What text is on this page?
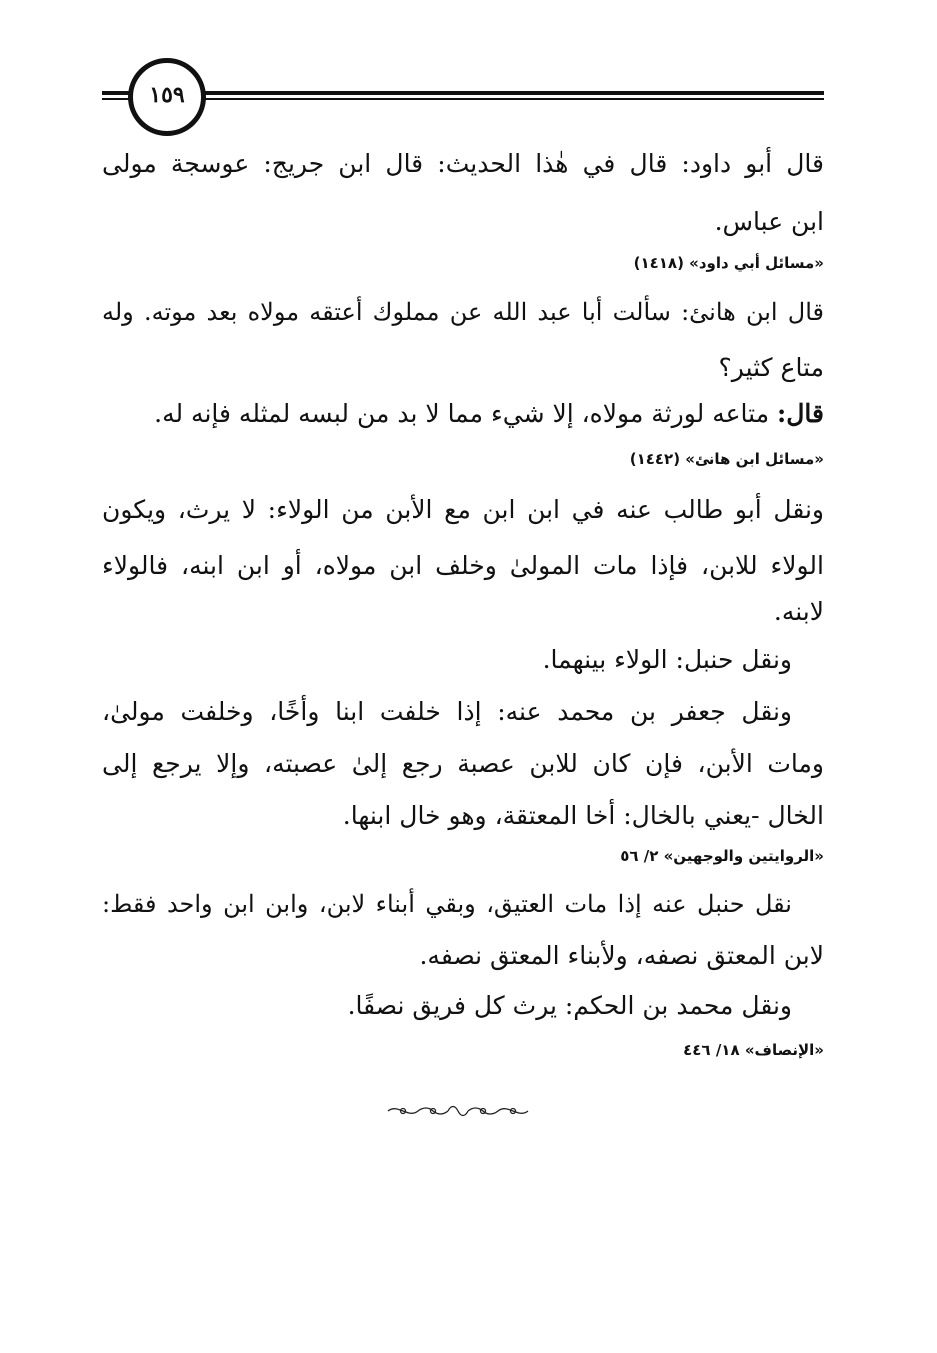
١٥٩
قال أبو داود: قال في هٰذا الحديث: قال ابن جريج: عوسجة مولى
ابن عباس.
«مسائل أبي داود» (١٤١٨)
قال ابن هانئ: سألت أبا عبد الله عن مملوك أعتقه مولاه بعد موته. وله
متاع كثير؟
قال: متاعه لورثة مولاه، إلا شيء مما لا بد من لبسه لمثله فإنه له.
«مسائل ابن هانئ» (١٤٤٢)
ونقل أبو طالب عنه في ابن ابن مع الأبن من الولاء: لا يرث، ويكون
الولاء للابن، فإذا مات المولىٰ وخلف ابن مولاه، أو ابن ابنه، فالولاء
لابنه.
ونقل حنبل: الولاء بينهما.
ونقل جعفر بن محمد عنه: إذا خلفت ابنا وأخًا، وخلفت مولىٰ،
ومات الأبن، فإن كان للابن عصبة رجع إلىٰ عصبته، وإلا يرجع إلى
الخال -يعني بالخال: أخا المعتقة، وهو خال ابنها.
«الروايتين والوجهين» ٢/ ٥٦
نقل حنبل عنه إذا مات العتيق، وبقي أبناء لابن، وابن ابن واحد فقط:
لابن المعتق نصفه، ولأبناء المعتق نصفه.
ونقل محمد بن الحكم: يرث كل فريق نصفًا.
«الإنصاف» ١٨/ ٤٤٦
